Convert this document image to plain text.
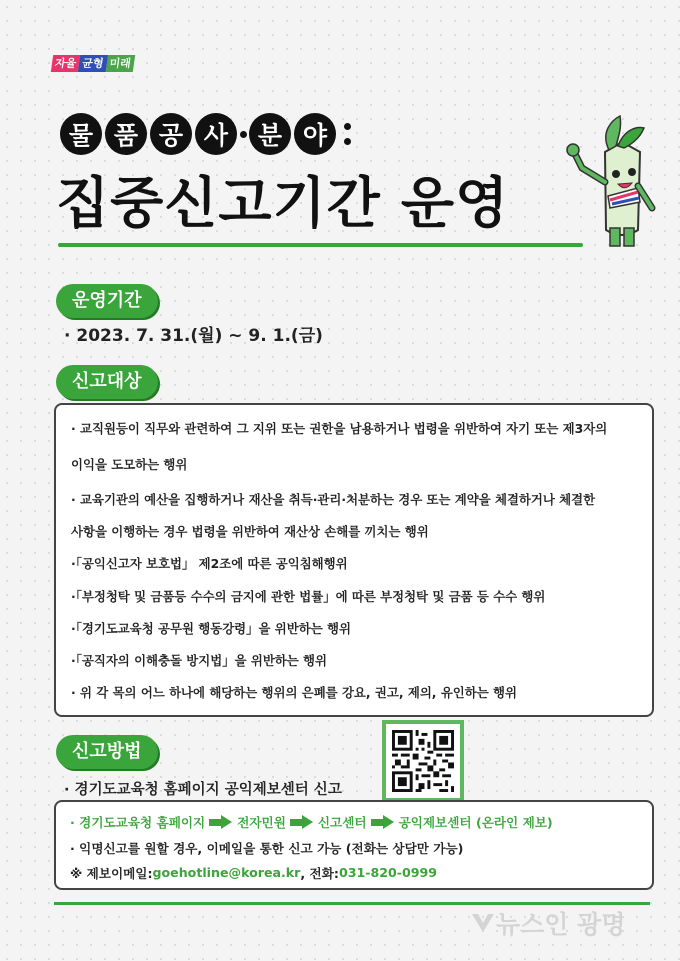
자율 균형 미래
물 품 공 사	분 야
집중신고기간 운영
운영기간
· 2023. 7. 31.(월) ~ 9. 1.(금)
신고대상
· 교직원등이 직무와 관련하여 그 지위 또는 권한을 남용하거나 법령을 위반하여 자기 또는 제3자의
이익을 도모하는 행위
· 교육기관의 예산을 집행하거나 재산을 취득·관리·처분하는 경우 또는 계약을 체결하거나 체결한
사항을 이행하는 경우 법령을 위반하여 재산상 손해를 끼치는 행위
·「공익신고자 보호법」 제2조에 따른 공익침해행위
·「부정청탁 및 금품등 수수의 금지에 관한 법률」에 따른 부정청탁 및 금품 등 수수 행위
·「경기도교육청 공무원 행동강령」을 위반하는 행위
·「공직자의 이해충돌 방지법」을 위반하는 행위
· 위 각 목의 어느 하나에 해당하는 행위의 은폐를 강요, 권고, 제의, 유인하는 행위
신고방법
· 경기도교육청 홈페이지 공익제보센터 신고
· 경기도교육청 홈페이지	전자민원	신고센터	공익제보센터 (온라인 제보)
· 익명신고를 원할 경우, 이메일을 통한 신고 가능 (전화는 상담만 가능)
※ 제보이메일: goehotline@korea.kr , 전화: 031-820-0999
뉴스인 광명
